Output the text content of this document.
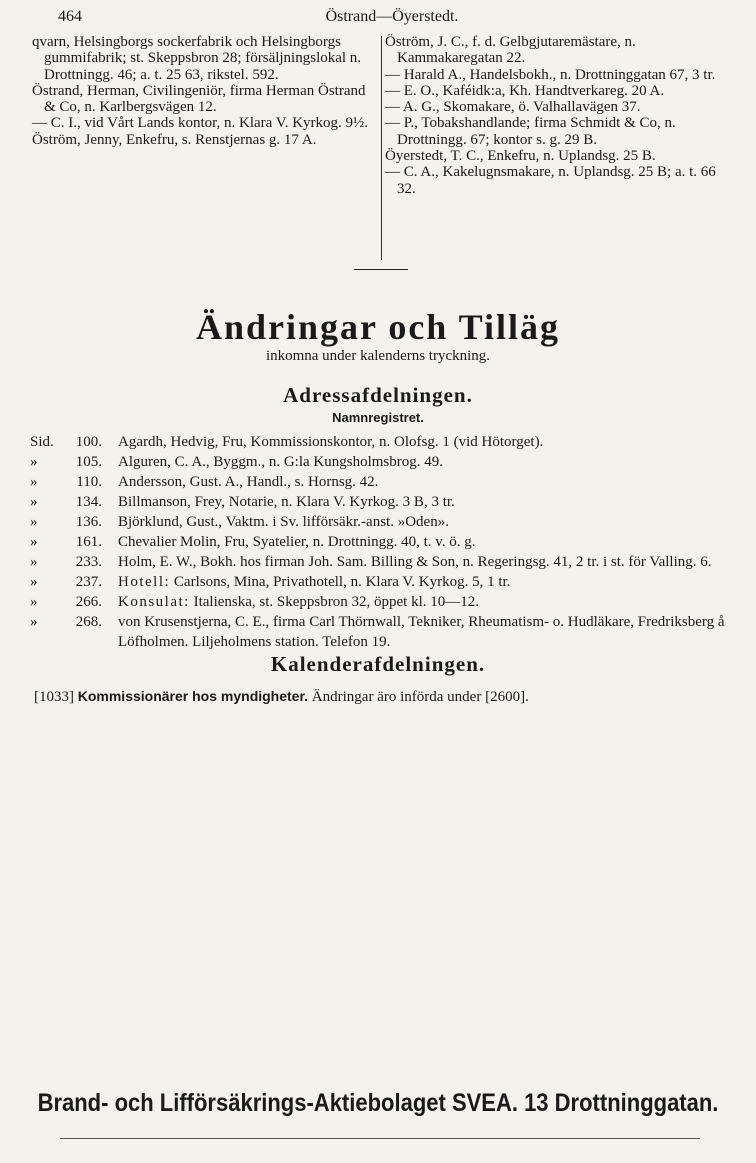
464	Östrand—Öyerstedt.

qvarn, Helsingborgs sockerfabrik och Helsingborgs gummifabrik; st. Skeppsbron 28; försäljningslokal n. Drottningg. 46; a. t. 25 63, rikstel. 592.

Östrand, Herman, Civilingeniör, firma Herman Östrand & Co, n. Karlbergsvägen 12.

— C. I., vid Vårt Lands kontor, n. Klara V. Kyrkog. 9½.

Öström, Jenny, Enkefru, s. Renstjernas g. 17 A.

Öström, J. C., f. d. Gelbgjutaremästare, n. Kammakaregatan 22.

— Harald A., Handelsbokh., n. Drottninggatan 67, 3 tr.

— E. O., Kaféidk:a, Kh. Handtverkareg. 20 A.

— A. G., Skomakare, ö. Valhallavägen 37.

— P., Tobakshandlande; firma Schmidt & Co, n. Drottningg. 67; kontor s. g. 29 B.

Öyerstedt, T. C., Enkefru, n. Uplandsg. 25 B.

— C. A., Kakelugnsmakare, n. Uplandsg. 25 B; a. t. 66 32.

Ändringar och Tilläg
inkomna under kalenderns tryckning.
Adressafdelningen.
Namnregistret.
Sid. 100.	Agardh, Hedvig, Fru, Kommissionskontor, n. Olofsg. 1 (vid Hötorget).
»	105.	Alguren, C. A., Byggm., n. G:la Kungsholmsbrog. 49.
»	110.	Andersson, Gust. A., Handl., s. Hornsg. 42.
»	134.	Billmanson, Frey, Notarie, n. Klara V. Kyrkog. 3 B, 3 tr.
»	136.	Björklund, Gust., Vaktm. i Sv. lifförsäkr.-anst. »Oden».
»	161.	Chevalier Molin, Fru, Syatelier, n. Drottningg. 40, t. v. ö. g.
»	233.	Holm, E. W., Bokh. hos firman Joh. Sam. Billing & Son, n. Regeringsg. 41, 2 tr. i st. för Valling. 6.
»	237.	Hotell: Carlsons, Mina, Privathotell, n. Klara V. Kyrkog. 5, 1 tr.
»	266.	Konsulat: Italienska, st. Skeppsbron 32, öppet kl. 10—12.
»	268.	von Krusenstjerna, C. E., firma Carl Thörnwall, Tekniker, Rheumatism- o. Hudläkare, Fredriksberg å Löfholmen. Liljeholmens station. Telefon 19.
Kalenderafdelningen.
[1033] Kommissionärer hos myndigheter. Ändringar äro införda under [2600].
Brand- och Lifförsäkrings-Aktiebolaget SVEA. 13 Drottninggatan.
